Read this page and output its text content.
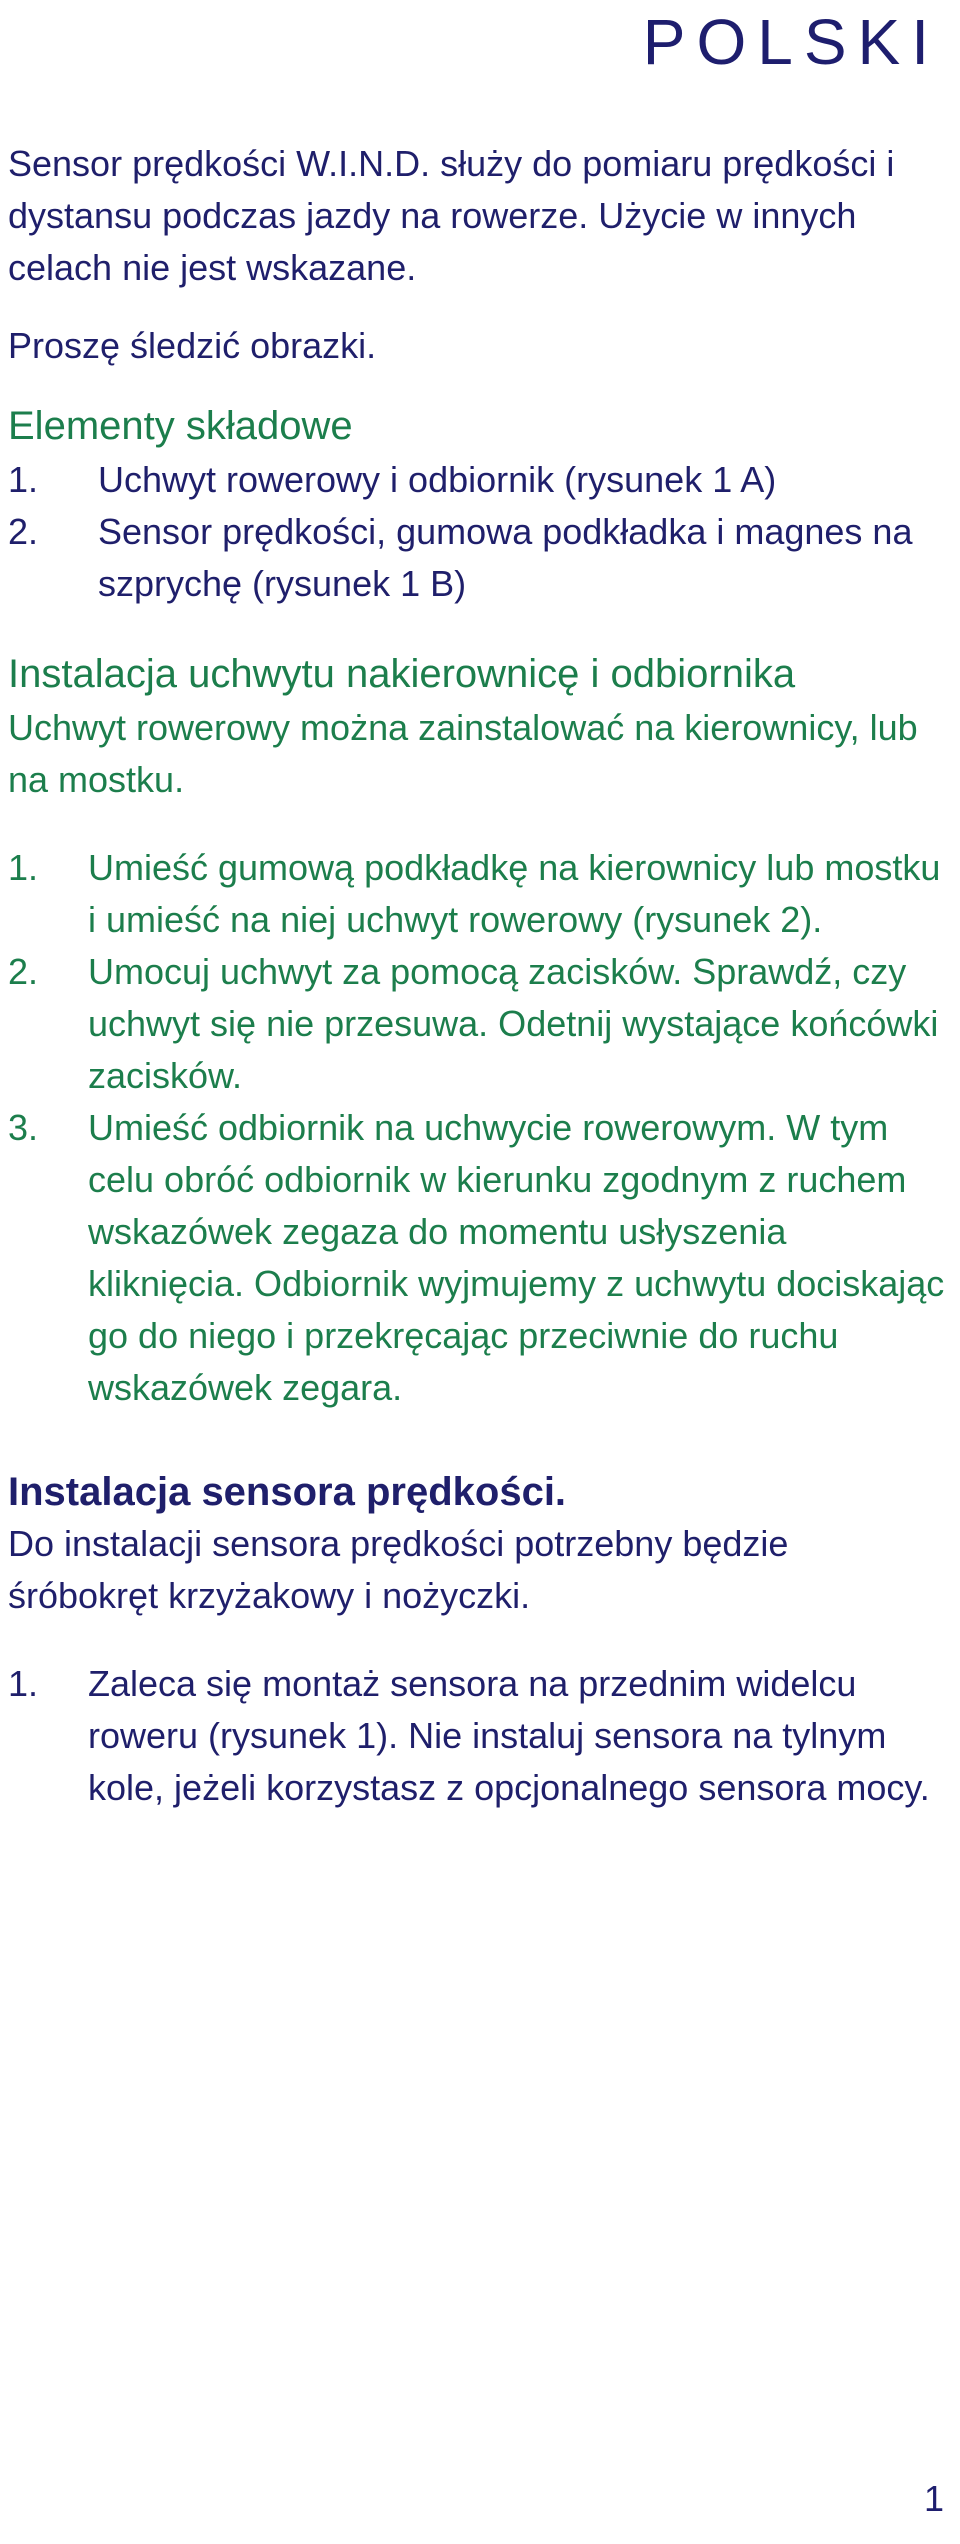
POLSKI

Sensor prędkości W.I.N.D. służy do pomiaru prędkości i dystansu podczas jazdy na rowerze. Użycie w innych celach nie jest wskazane.

Proszę śledzić obrazki.

Elementy składowe
1.	Uchwyt rowerowy i odbiornik (rysunek 1 A)
2.	Sensor prędkości, gumowa podkładka i magnes na szprychę (rysunek 1 B)
Instalacja uchwytu nakierownicę i odbiornika

Uchwyt rowerowy można zainstalować na kierownicy, lub na mostku.

1.	Umieść gumową podkładkę na kierownicy lub mostku i umieść na niej uchwyt rowerowy (rysunek 2).
2.	Umocuj uchwyt za pomocą zacisków. Sprawdź, czy uchwyt się nie przesuwa. Odetnij wystające końcówki zacisków.
3.	Umieść odbiornik na uchwycie rowerowym. W tym celu obróć odbiornik w kierunku zgodnym z ruchem wskazówek zegaza do momentu usłyszenia kliknięcia. Odbiornik wyjmujemy z uchwytu dociskając go do niego i przekręcając przeciwnie do ruchu wskazówek zegara.
Instalacja sensora prędkości.

Do instalacji sensora prędkości potrzebny będzie śróbokręt krzyżakowy i nożyczki.

1.	Zaleca się montaż sensora na przednim widelcu roweru (rysunek 1). Nie instaluj sensora na tylnym kole, jeżeli korzystasz z opcjonalnego sensora mocy.
1
